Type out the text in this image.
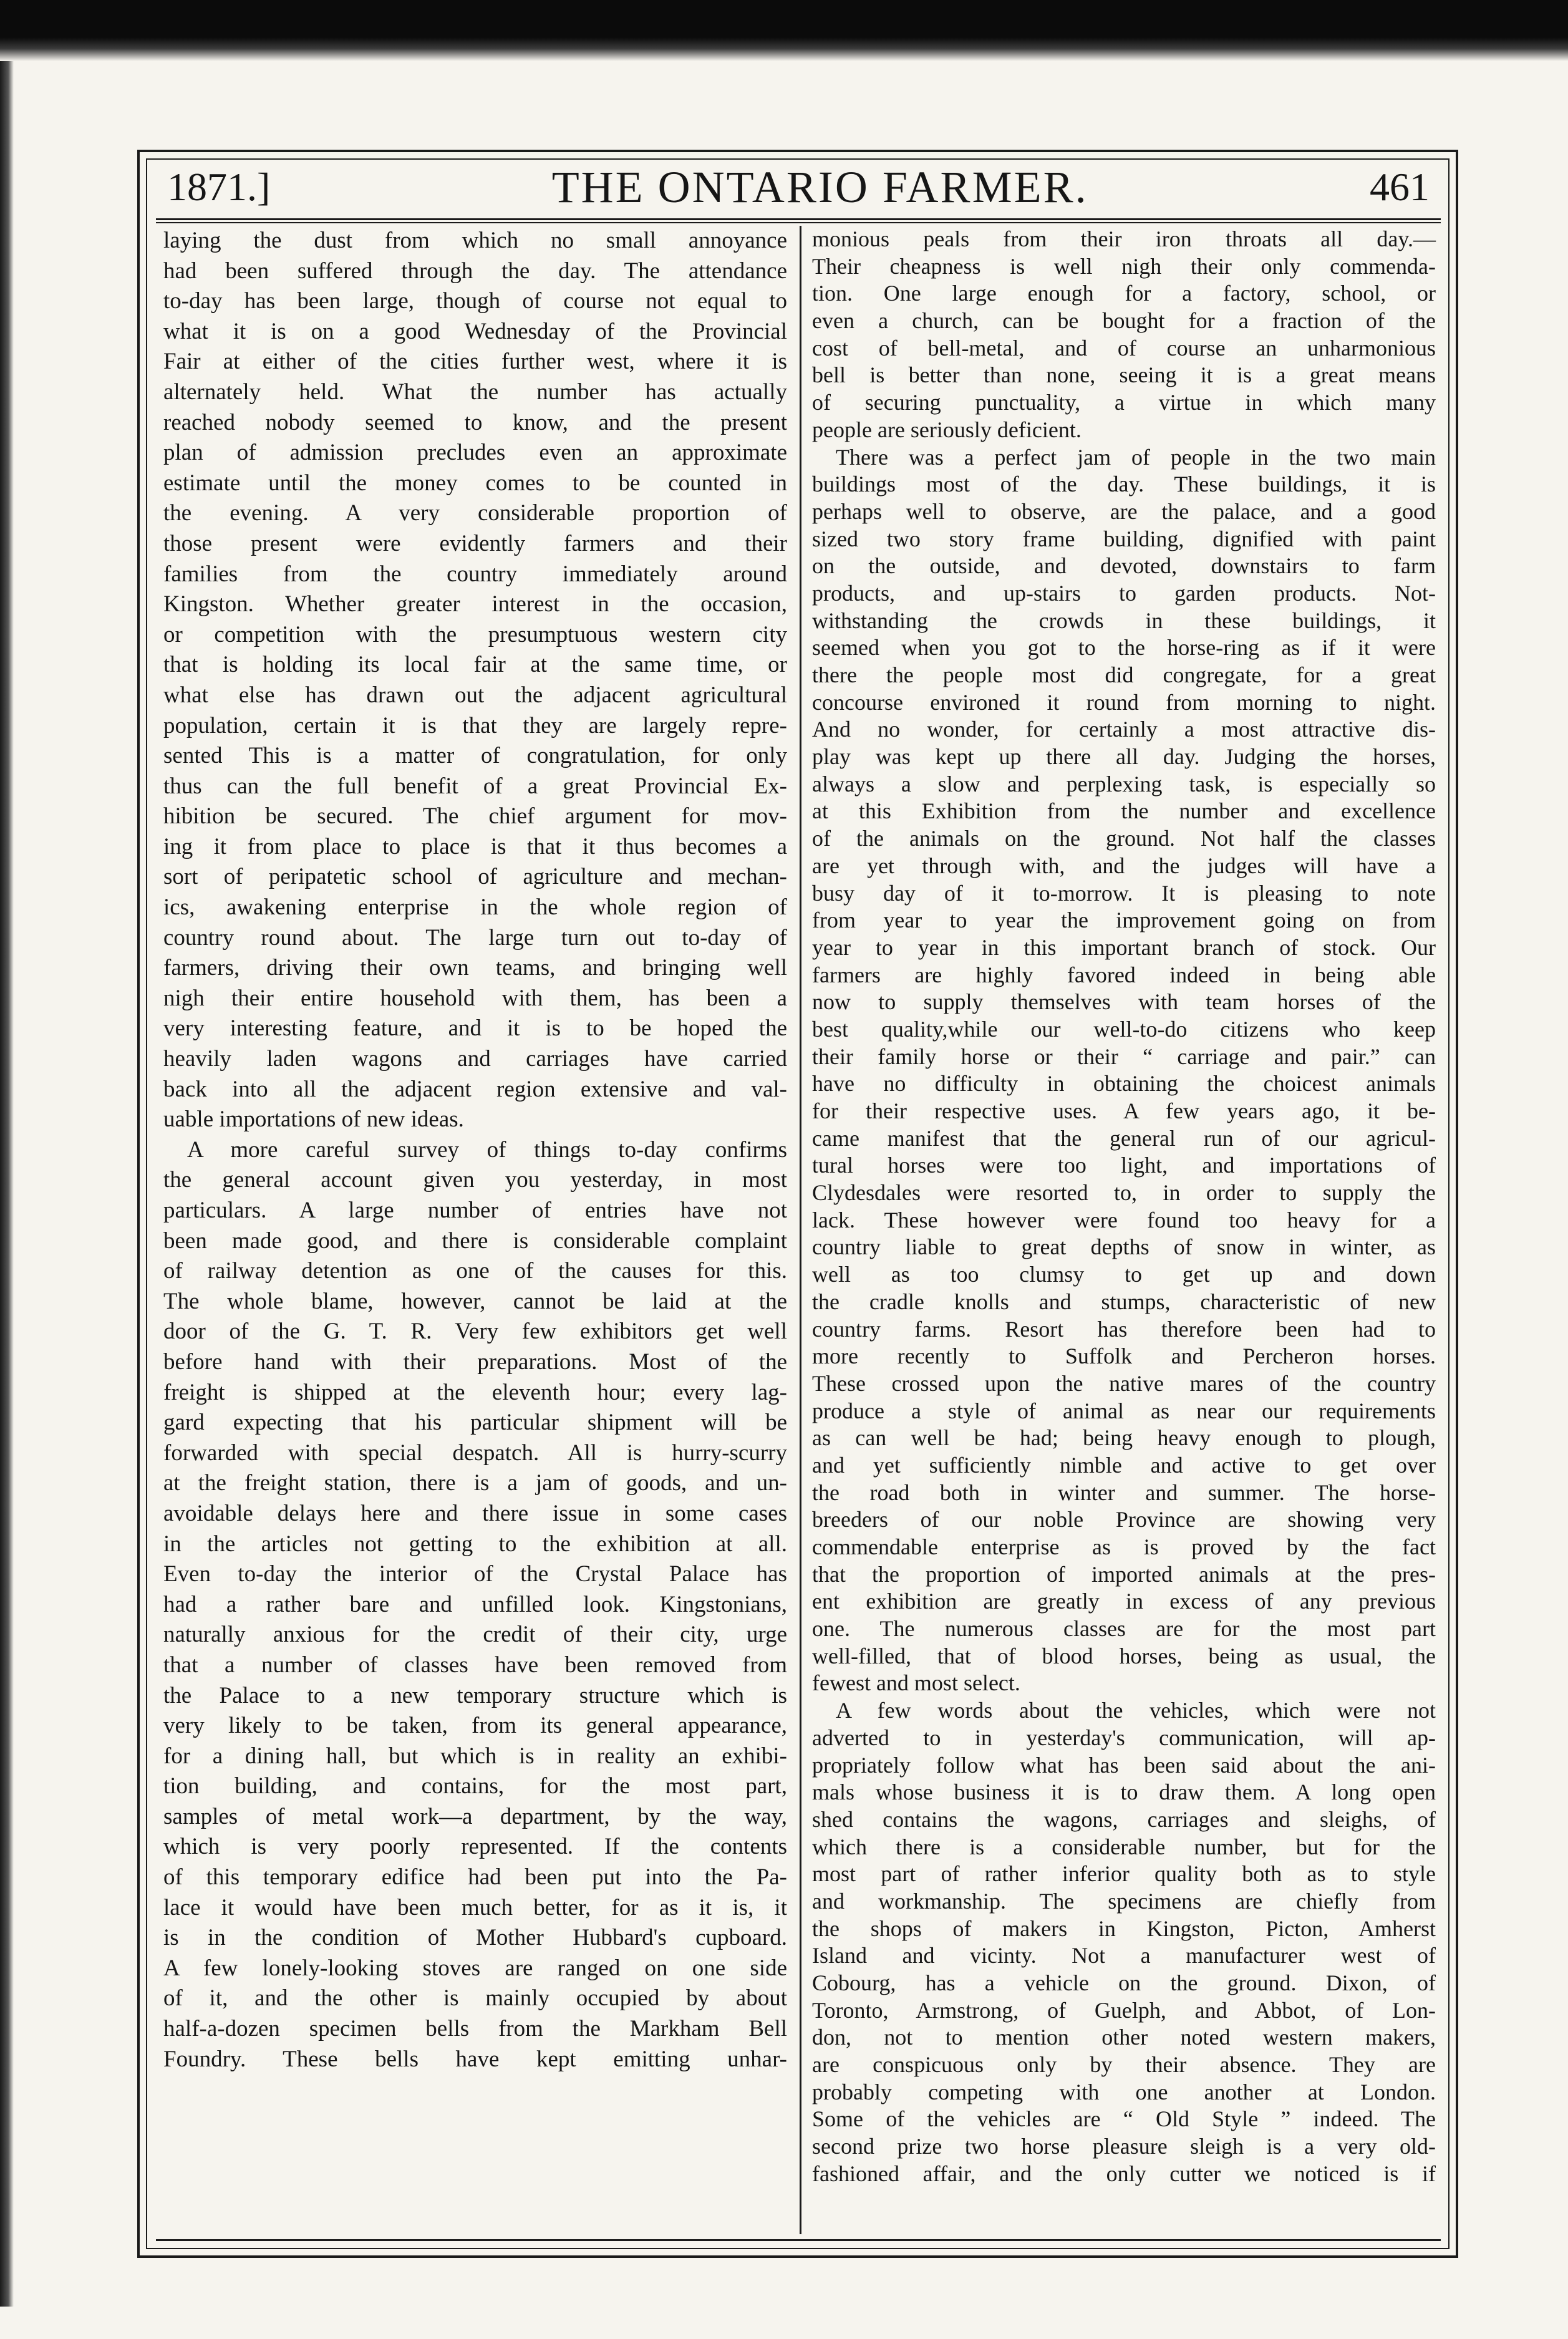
1871.]	THE ONTARIO FARMER.	461
laying the dust from which no small annoyance
had been suffered through the day. The attendance
to-day has been large, though of course not equal to
what it is on a good Wednesday of the Provincial
Fair at either of the cities further west, where it is
alternately held. What the number has actually
reached nobody seemed to know, and the present
plan of admission precludes even an approximate
estimate until the money comes to be counted in
the evening. A very considerable proportion of
those present were evidently farmers and their
families from the country immediately around
Kingston. Whether greater interest in the occasion,
or competition with the presumptuous western city
that is holding its local fair at the same time, or
what else has drawn out the adjacent agricultural
population, certain it is that they are largely repre-
sented This is a matter of congratulation, for only
thus can the full benefit of a great Provincial Ex-
hibition be secured. The chief argument for mov-
ing it from place to place is that it thus becomes a
sort of peripatetic school of agriculture and mechan-
ics, awakening enterprise in the whole region of
country round about. The large turn out to-day of
farmers, driving their own teams, and bringing well
nigh their entire household with them, has been a
very interesting feature, and it is to be hoped the
heavily laden wagons and carriages have carried
back into all the adjacent region extensive and val-
uable importations of new ideas.
A more careful survey of things to-day confirms
the general account given you yesterday, in most
particulars. A large number of entries have not
been made good, and there is considerable complaint
of railway detention as one of the causes for this.
The whole blame, however, cannot be laid at the
door of the G. T. R. Very few exhibitors get well
before hand with their preparations. Most of the
freight is shipped at the eleventh hour; every lag-
gard expecting that his particular shipment will be
forwarded with special despatch. All is hurry-scurry
at the freight station, there is a jam of goods, and un-
avoidable delays here and there issue in some cases
in the articles not getting to the exhibition at all.
Even to-day the interior of the Crystal Palace has
had a rather bare and unfilled look. Kingstonians,
naturally anxious for the credit of their city, urge
that a number of classes have been removed from
the Palace to a new temporary structure which is
very likely to be taken, from its general appearance,
for a dining hall, but which is in reality an exhibi-
tion building, and contains, for the most part,
samples of metal work—a department, by the way,
which is very poorly represented. If the contents
of this temporary edifice had been put into the Pa-
lace it would have been much better, for as it is, it
is in the condition of Mother Hubbard's cupboard.
A few lonely-looking stoves are ranged on one side
of it, and the other is mainly occupied by about
half-a-dozen specimen bells from the Markham Bell
Foundry. These bells have kept emitting unhar-
monious peals from their iron throats all day.—
Their cheapness is well nigh their only commenda-
tion. One large enough for a factory, school, or
even a church, can be bought for a fraction of the
cost of bell-metal, and of course an unharmonious
bell is better than none, seeing it is a great means
of securing punctuality, a virtue in which many
people are seriously deficient.
There was a perfect jam of people in the two main
buildings most of the day. These buildings, it is
perhaps well to observe, are the palace, and a good
sized two story frame building, dignified with paint
on the outside, and devoted, downstairs to farm
products, and up-stairs to garden products. Not-
withstanding the crowds in these buildings, it
seemed when you got to the horse-ring as if it were
there the people most did congregate, for a great
concourse environed it round from morning to night.
And no wonder, for certainly a most attractive dis-
play was kept up there all day. Judging the horses,
always a slow and perplexing task, is especially so
at this Exhibition from the number and excellence
of the animals on the ground. Not half the classes
are yet through with, and the judges will have a
busy day of it to-morrow. It is pleasing to note
from year to year the improvement going on from
year to year in this important branch of stock. Our
farmers are highly favored indeed in being able
now to supply themselves with team horses of the
best quality,while our well-to-do citizens who keep
their family horse or their “ carriage and pair.” can
have no difficulty in obtaining the choicest animals
for their respective uses. A few years ago, it be-
came manifest that the general run of our agricul-
tural horses were too light, and importations of
Clydesdales were resorted to, in order to supply the
lack. These however were found too heavy for a
country liable to great depths of snow in winter, as
well as too clumsy to get up and down
the cradle knolls and stumps, characteristic of new
country farms. Resort has therefore been had to
more recently to Suffolk and Percheron horses.
These crossed upon the native mares of the country
produce a style of animal as near our requirements
as can well be had; being heavy enough to plough,
and yet sufficiently nimble and active to get over
the road both in winter and summer. The horse-
breeders of our noble Province are showing very
commendable enterprise as is proved by the fact
that the proportion of imported animals at the pres-
ent exhibition are greatly in excess of any previous
one. The numerous classes are for the most part
well-filled, that of blood horses, being as usual, the
fewest and most select.
A few words about the vehicles, which were not
adverted to in yesterday's communication, will ap-
propriately follow what has been said about the ani-
mals whose business it is to draw them. A long open
shed contains the wagons, carriages and sleighs, of
which there is a considerable number, but for the
most part of rather inferior quality both as to style
and workmanship. The specimens are chiefly from
the shops of makers in Kingston, Picton, Amherst
Island and vicinty. Not a manufacturer west of
Cobourg, has a vehicle on the ground. Dixon, of
Toronto, Armstrong, of Guelph, and Abbot, of Lon-
don, not to mention other noted western makers,
are conspicuous only by their absence. They are
probably competing with one another at London.
Some of the vehicles are “ Old Style ” indeed. The
second prize two horse pleasure sleigh is a very old-
fashioned affair, and the only cutter we noticed is if
